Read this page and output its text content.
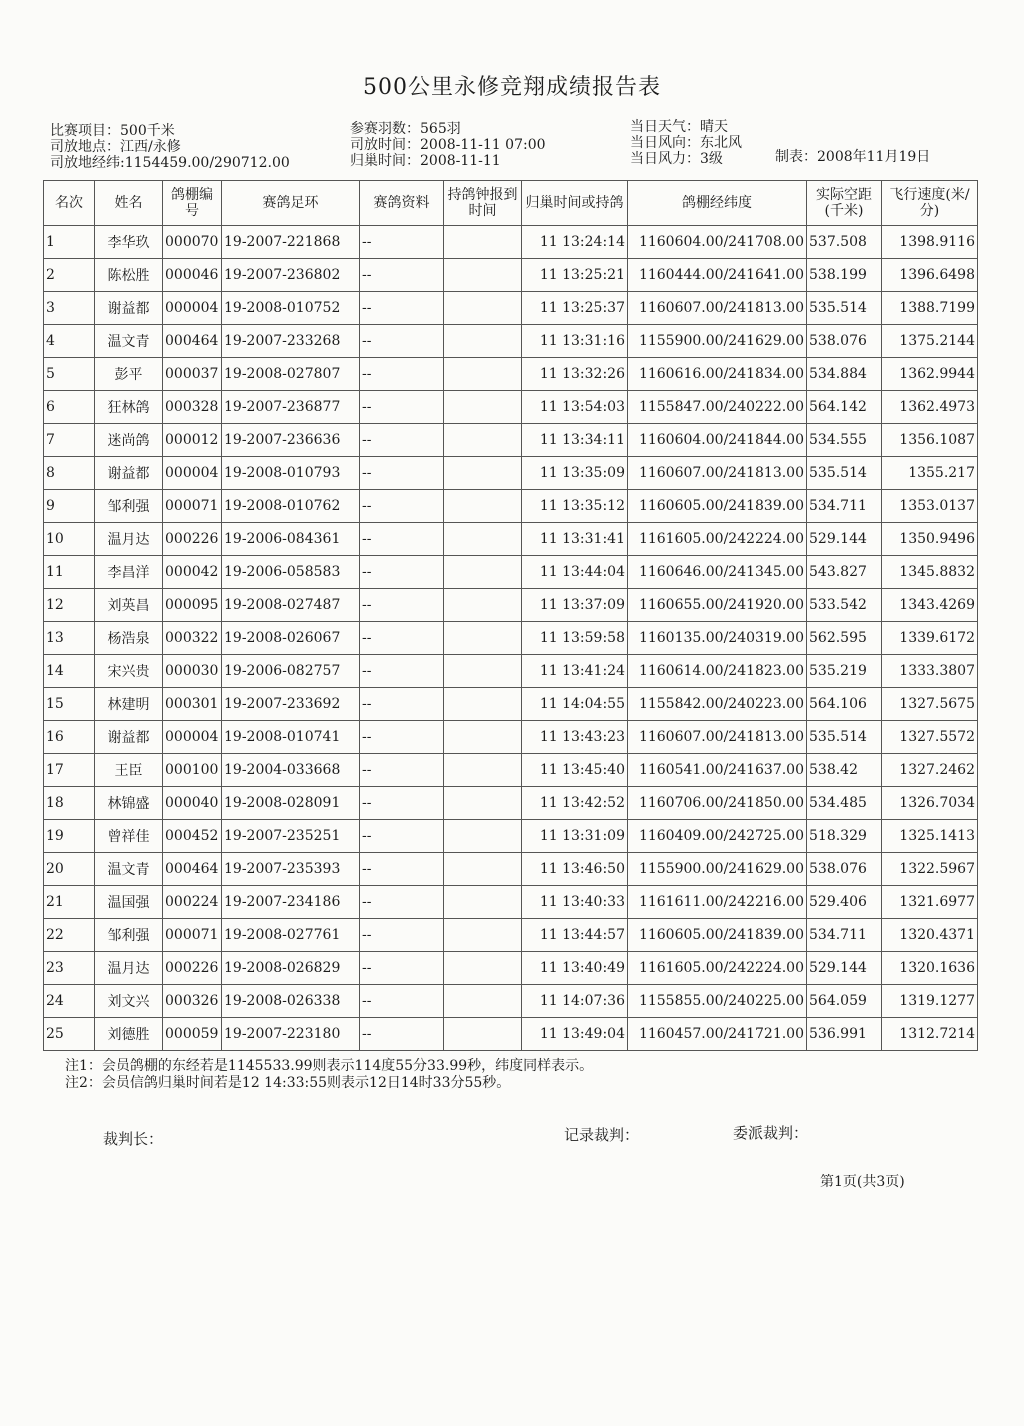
500公里永修竞翔成绩报告表
比赛项目：500千米
司放地点：江西/永修
司放地经纬:1154459.00/290712.00
参赛羽数：565羽
司放时间：2008-11-11 07:00
归巢时间：2008-11-11
当日天气：晴天
当日风向：东北风
当日风力：3级	制表：2008年11月19日
名次	姓名	鸽棚编号	赛鸽足环	赛鸽资料	持鸽钟报到时间	归巢时间或持鸽	鸽棚经纬度	实际空距(千米)	飞行速度(米/分)
1	李华玖	000070	19-2007-221868	--		11 13:24:14	1160604.00/241708.00	537.508	1398.9116
2	陈松胜	000046	19-2007-236802	--		11 13:25:21	1160444.00/241641.00	538.199	1396.6498
3	谢益都	000004	19-2008-010752	--		11 13:25:37	1160607.00/241813.00	535.514	1388.7199
4	温文青	000464	19-2007-233268	--		11 13:31:16	1155900.00/241629.00	538.076	1375.2144
5	彭平	000037	19-2008-027807	--		11 13:32:26	1160616.00/241834.00	534.884	1362.9944
6	狂林鸽	000328	19-2007-236877	--		11 13:54:03	1155847.00/240222.00	564.142	1362.4973
7	迷尚鸽	000012	19-2007-236636	--		11 13:34:11	1160604.00/241844.00	534.555	1356.1087
8	谢益都	000004	19-2008-010793	--		11 13:35:09	1160607.00/241813.00	535.514	1355.217
9	邹利强	000071	19-2008-010762	--		11 13:35:12	1160605.00/241839.00	534.711	1353.0137
10	温月达	000226	19-2006-084361	--		11 13:31:41	1161605.00/242224.00	529.144	1350.9496
11	李昌洋	000042	19-2006-058583	--		11 13:44:04	1160646.00/241345.00	543.827	1345.8832
12	刘英昌	000095	19-2008-027487	--		11 13:37:09	1160655.00/241920.00	533.542	1343.4269
13	杨浩泉	000322	19-2008-026067	--		11 13:59:58	1160135.00/240319.00	562.595	1339.6172
14	宋兴贵	000030	19-2006-082757	--		11 13:41:24	1160614.00/241823.00	535.219	1333.3807
15	林建明	000301	19-2007-233692	--		11 14:04:55	1155842.00/240223.00	564.106	1327.5675
16	谢益都	000004	19-2008-010741	--		11 13:43:23	1160607.00/241813.00	535.514	1327.5572
17	王臣	000100	19-2004-033668	--		11 13:45:40	1160541.00/241637.00	538.42	1327.2462
18	林锦盛	000040	19-2008-028091	--		11 13:42:52	1160706.00/241850.00	534.485	1326.7034
19	曾祥佳	000452	19-2007-235251	--		11 13:31:09	1160409.00/242725.00	518.329	1325.1413
20	温文青	000464	19-2007-235393	--		11 13:46:50	1155900.00/241629.00	538.076	1322.5967
21	温国强	000224	19-2007-234186	--		11 13:40:33	1161611.00/242216.00	529.406	1321.6977
22	邹利强	000071	19-2008-027761	--		11 13:44:57	1160605.00/241839.00	534.711	1320.4371
23	温月达	000226	19-2008-026829	--		11 13:40:49	1161605.00/242224.00	529.144	1320.1636
24	刘文兴	000326	19-2008-026338	--		11 14:07:36	1155855.00/240225.00	564.059	1319.1277
25	刘德胜	000059	19-2007-223180	--		11 13:49:04	1160457.00/241721.00	536.991	1312.7214
注1：会员鸽棚的东经若是1145533.99则表示114度55分33.99秒，纬度同样表示。
注2：会员信鸽归巢时间若是12 14:33:55则表示12日14时33分55秒。
裁判长：	记录裁判：	委派裁判：
第1页(共3页)
